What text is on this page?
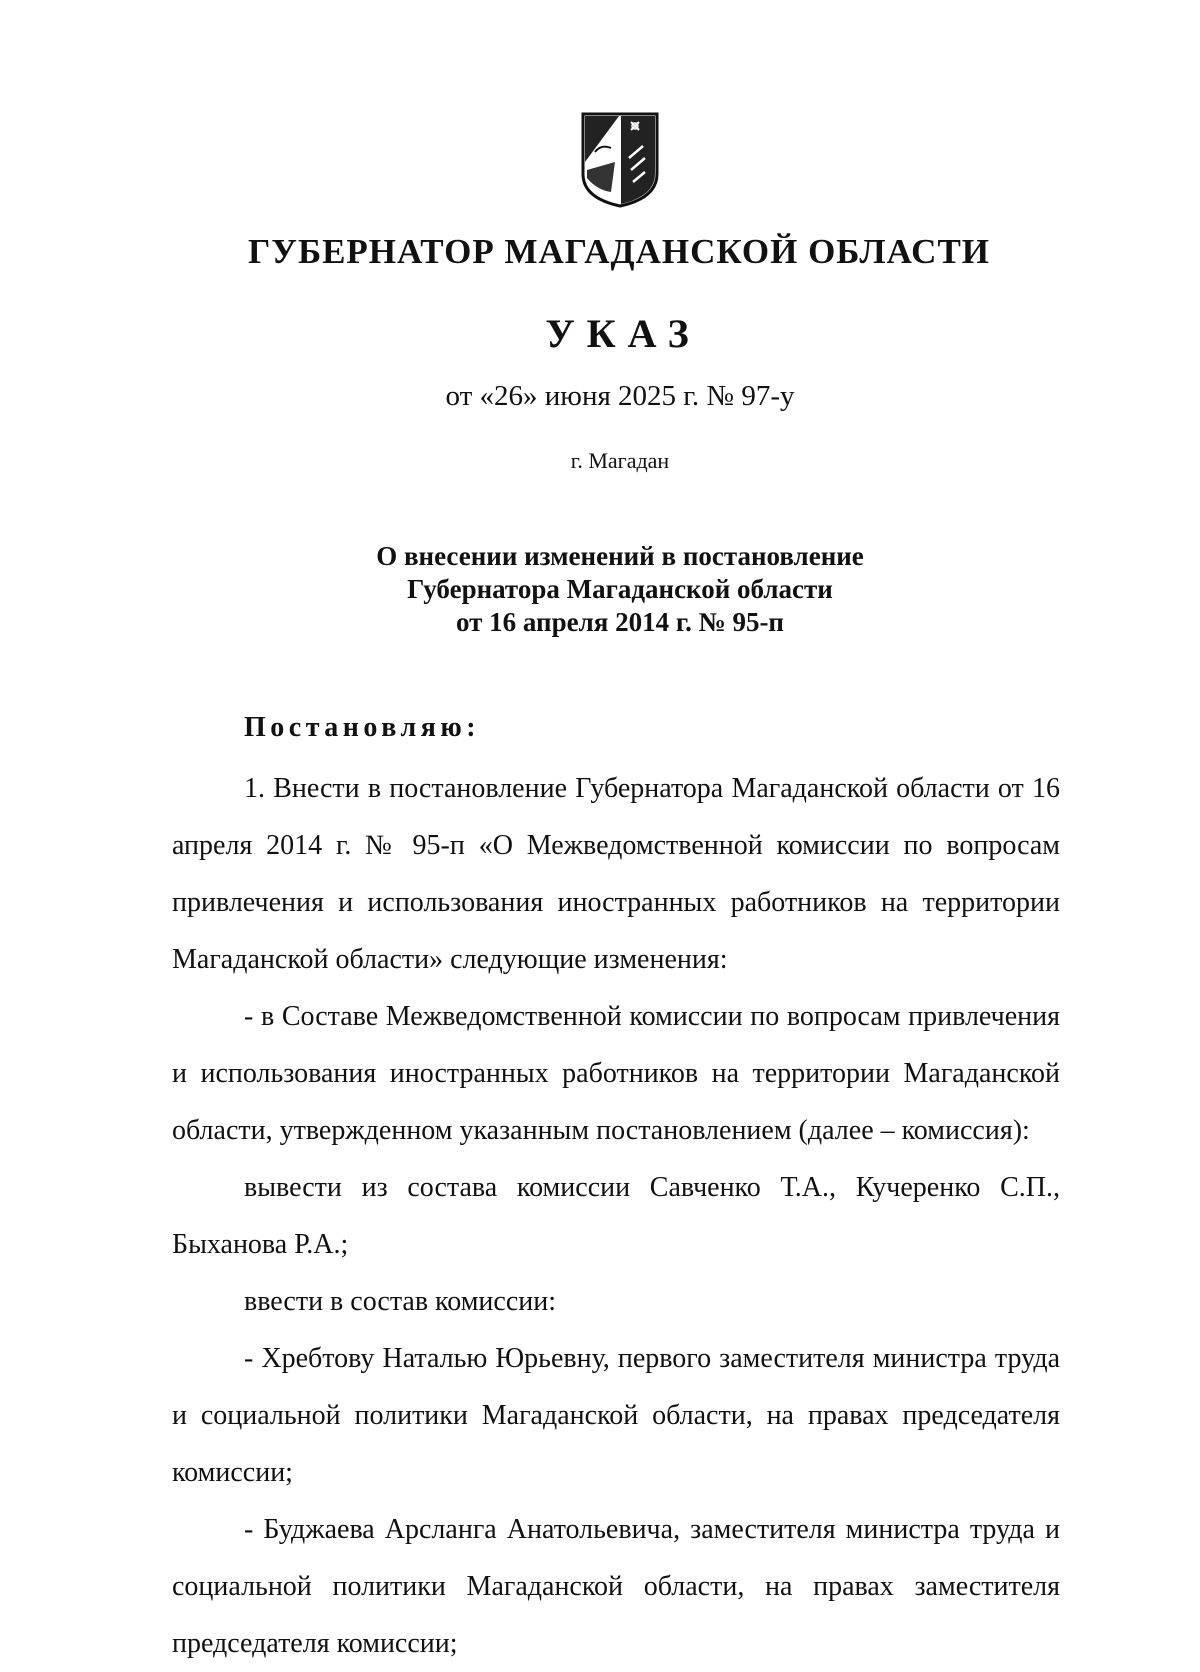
ГУБЕРНАТОР МАГАДАНСКОЙ ОБЛАСТИ
УКАЗ
от «26» июня 2025 г. № 97-у
г. Магадан
О внесении изменений в постановление
Губернатора Магаданской области
от 16 апреля 2014 г. № 95-п
Постановляю:

1. Внести в постановление Губернатора Магаданской области от 16 апреля 2014 г. № 95-п «О Межведомственной комиссии по вопросам привлечения и использования иностранных работников на территории Магаданской области» следующие изменения:

- в Составе Межведомственной комиссии по вопросам привлечения и использования иностранных работников на территории Магаданской области, утвержденном указанным постановлением (далее – комиссия):

вывести из состава комиссии Савченко Т.А., Кучеренко С.П., Быханова Р.А.;

ввести в состав комиссии:

- Хребтову Наталью Юрьевну, первого заместителя министра труда и социальной политики Магаданской области, на правах председателя комиссии;

- Буджаева Арсланга Анатольевича, заместителя министра труда и социальной политики Магаданской области, на правах заместителя председателя комиссии;
